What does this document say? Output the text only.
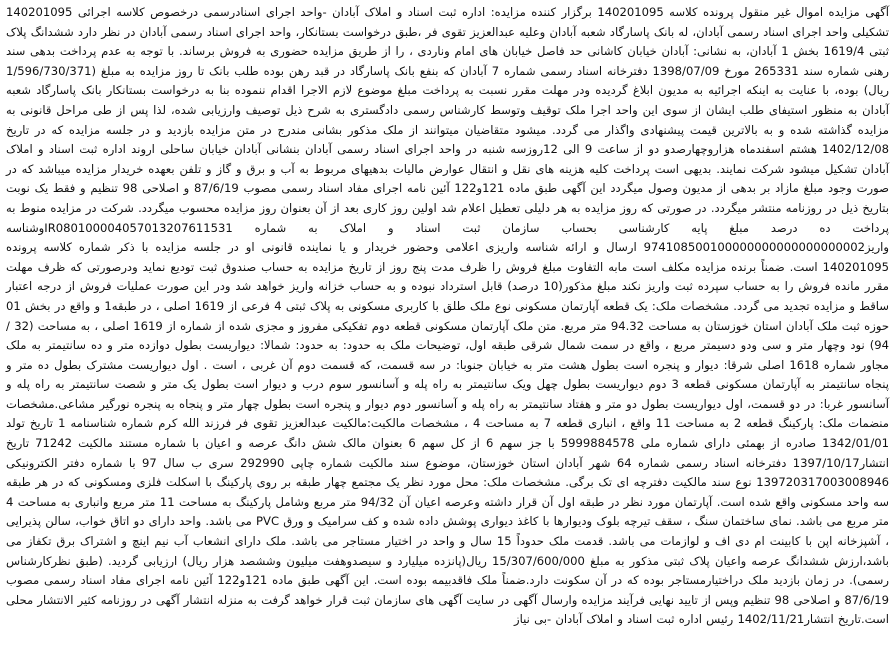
آگهی مزایده اموال غیر منقول پرونده کلاسه 140201095 برگزار کننده مزایده: اداره ثبت اسناد و املاک آبادان -واحد اجرای اسنادرسمی درخصوص کلاسه اجرائی 140201095 تشکیلی واحد اجرای اسناد رسمی آبادان، له بانک پاسارگاد شعبه آبادان وعلیه عبدالعزیز تقوی فر ،طبق درخواست بستانکار، واحد اجرای اسناد رسمی آبادان در نظر دارد ششدانگ پلاک ثبتی 1619/4 بخش 1 آبادان، به نشانی: آبادان خیابان کاشانی حد فاصل خیابان های امام وناردی ، را از طریق مزایده حضوری به فروش برساند. با توجه به عدم پرداخت بدهی سند رهنی شماره سند 265331 مورخ 1398/07/09 دفترخانه اسناد رسمی شماره 7 آبادان که بنفع بانک پاسارگاد در قبد رهن بوده طلب بانک تا روز مزایده به مبلغ (1/596/730/371 ریال) بوده، با عنایت به اینکه اجرائیه به مدیون ابلاغ گردیده ودر مهلت مقرر نسبت به پرداخت مبلغ موضوع لازم الاجرا اقدام ننموده بنا به درخواست بستانکار بانک پاسارگاد شعبه آبادان به منظور استیفای طلب ایشان از سوی این واحد اجرا ملک توقیف وتوسط کارشناس رسمی دادگستری به شرح ذیل توصیف وارزیابی شده، لذا پس از طی مراحل قانونی به مزایده گذاشته شده و به بالاترین قیمت پیشنهادی واگذار می گردد. میشود متقاضیان میتوانند از ملک مذکور بشانی مندرج در متن مزایده بازدید و در جلسه مزایده که در تاریخ 1402/12/08 هشتم اسفندماه هزاروچهارصدو دو از ساعت 9 الی 12روزسه شنبه در واحد اجرای اسناد رسمی آبادان بنشانی آبادان خیابان ساحلی اروند اداره ثبت اسناد و املاک آبادان تشکیل میشود شرکت نمایند. بدیهی است پرداخت کلیه هزینه های نقل و انتقال عوارض مالیات بدهیهای مربوط به آب و برق و گاز و تلفن بعهده خریدار مزایده میباشد که در صورت وجود مبلغ مازاد بر بدهی از مدیون وصول میگردد این آگهی طبق ماده 121و122 آئین نامه اجرای مفاد اسناد رسمی مصوب 87/6/19 و اصلاحی 98 تنظیم و فقط یک نوبت بتاریخ ذیل در روزنامه منتشر میگردد. در صورتی که روز مزایده به هر دلیلی تعطیل اعلام شد اولین روز کاری بعد از آن بعنوان روز مزایده محسوب میگردد. شرکت در مزایده منوط به پرداخت ده درصد مبلغ پایه کارشناسی بحساب سازمان ثبت اسناد و املاک به شماره IR080100004057013207611531وشناسه واریز974108500100000000000000000002 ارسال و ارائه شناسه واریزی اعلامی وحضور خریدار و یا نماینده قانونی او در جلسه مزایده با ذکر شماره کلاسه پرونده 140201095 است. ضمناً برنده مزایده مکلف است مابه التفاوت مبلغ فروش را ظرف مدت پنج روز از تاریخ مزایده به حساب صندوق ثبت تودیع نماید ودرصورتی که ظرف مهلت مقرر مانده فروش را به حساب سپرده ثبت واریز نکند مبلغ مذکور(10 درصد) قابل استرداد نبوده و به حساب خزانه واریز خواهد شد ودر این صورت عملیات فروش از درجه اعتبار ساقط و مزایده تجدید می گردد. مشخصات ملک: یک قطعه آپارتمان مسکونی نوع ملک طلق با کاربری مسکونی به پلاک ثبتی 4 فرعی از 1619 اصلی ، در طبقه1 و واقع در بخش 01 حوزه ثبت ملک آبادان استان خوزستان به مساحت 94.32 متر مربع. متن ملک آپارتمان مسکونی قطعه دوم تفکیکی مفروز و مجزی شده از شماره از 1619 اصلی ، به مساحت (32 / 94) نود وچهار متر و سی ودو دسیمتر مربع ، واقع در سمت شمال شرقی طبقه اول، توضیحات ملک به حدود: به حدود: شمالا: دیواریست بطول دوازده متر و ده سانتیمتر به ملک مجاور شماره 1618 اصلی شرقا: دیوار و پنجره است بطول هشت متر به خیابان جنوبا: در سه قسمت، که قسمت دوم آن غربی ، است . اول دیواریست مشترک بطول ده متر و پنجاه سانتیمتر به آپارتمان مسکونی قطعه 3 دوم دیواریست بطول چهل ویک سانتیمتر به راه پله و آسانسور سوم درب و دیوار است بطول یک متر و شصت سانتیمتر به راه پله و آسانسور غربا: در دو قسمت، اول دیواریست بطول دو متر و هفتاد سانتیمتر به راه پله و آسانسور دوم دیوار و پنجره است بطول چهار متر و پنجاه به پنجره نورگیر مشاعی.مشخصات منضمات ملک: پارکینگ قطعه 2 به مساحت 11 واقع ، انباری قطعه 7 به مساحت 4 ، مشخصات مالکیت:مالکیت عبدالعزیز تقوی فر فرزند الله کرم شماره شناسنامه 1 تاریخ تولد 1342/01/01 صادره از بهمئی دارای شماره ملی 5999884578 با جز سهم 6 از کل سهم 6 بعنوان مالک شش دانگ عرصه و اعیان با شماره مستند مالکیت 71242 تاریخ انتشار1397/10/17 دفترخانه اسناد رسمی شماره 64 شهر آبادان استان خوزستان، موضوع سند مالکیت شماره چاپی 292990 سری ب سال 97 با شماره دفتر الکترونیکی 139720317003008946 نوع سند مالکیت دفترچه ای تک برگی. مشخصات ملک: محل مورد نظر یک مجتمع چهار طبقه بر روی پارکینگ با اسکلت فلزی ومسکونی که در هر طبقه سه واحد مسکونی واقع شده است. آپارتمان مورد نظر در طبقه اول آن قرار داشته وعرصه اعیان آن 94/32 متر مربع وشامل پارکینگ به مساحت 11 متر مربع وانباری به مساحت 4 متر مربع می باشد. نمای ساختمان سنگ ، سقف تیرچه بلوک ودیوارها با کاغذ دیواری پوشش داده شده و کف سرامیک و ورق PVC می باشد. واحد دارای دو اتاق خواب، سالن پذیرایی ، آشپزخانه اپن با کابینت ام دی اف و لوازمات می باشد. قدمت ملک حدوداً 15 سال و واحد در اختیار مستاجر می باشد. ملک دارای انشعاب آب نیم اینچ و اشتراک برق تکفاز می باشد،ارزش ششدانگ عرصه واعیان پلاک ثبتی مذکور به مبلغ 15/307/600/000 ریال(پانزده میلیارد و سیصدوهفت میلیون وششصد هزار ریال) ارزیابی گردید. (طبق نظرکارشناس رسمی). در زمان بازدید ملک دراختیارمستاجر بوده که در آن سکونت دارد.ضمناً ملک فاقدبیمه بوده است. این آگهی طبق ماده 121و122 آئین نامه اجرای مفاد اسناد رسمی مصوب 87/6/19 و اصلاحی 98 تنظیم وپس از تایید نهایی فرآیند مزایده وارسال آگهی در سایت آگهی های سازمان ثبت قرار خواهد گرفت به منزله انتشار آگهی در روزنامه کثیر الانتشار محلی است.تاریخ انتشار1402/11/21 رئیس اداره ثبت اسناد و املاک آبادان -بی نیاز
